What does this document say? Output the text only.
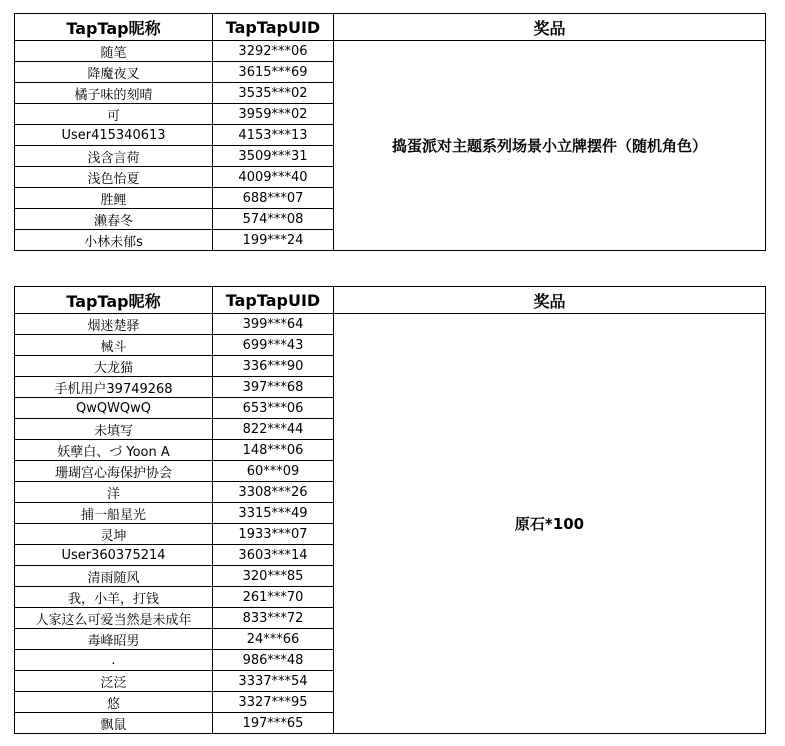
TapTap昵称	TapTapUID	奖品
随笔	3292***06	捣蛋派对主题系列场景小立牌摆件（随机角色）
降魔夜叉	3615***69	
橘子味的刻晴	3535***02	
可	3959***02	
User415340613	4153***13	
浅含言荷	3509***31	
浅色怡夏	4009***40	
胜鲤	688***07	
濑春冬	574***08	
小林未郁s	199***24	
TapTap昵称	TapTapUID	奖品
烟迷楚驿	399***64	原石*100
械斗	699***43	
大龙猫	336***90	
手机用户39749268	397***68	
QwQWQwQ	653***06	
未填写	822***44	
妖孽白、づ Yoon A	148***06	
珊瑚宫心海保护协会	60***09	
洋	3308***26	
捕一船星光	3315***49	
灵坤	1933***07	
User360375214	3603***14	
清雨随风	320***85	
我，小羊，打钱	261***70	
人家这么可爱当然是未成年	833***72	
毒峰昭男	24***66	
.	986***48	
泛泛	3337***54	
悠	3327***95	
飘鼠	197***65	
